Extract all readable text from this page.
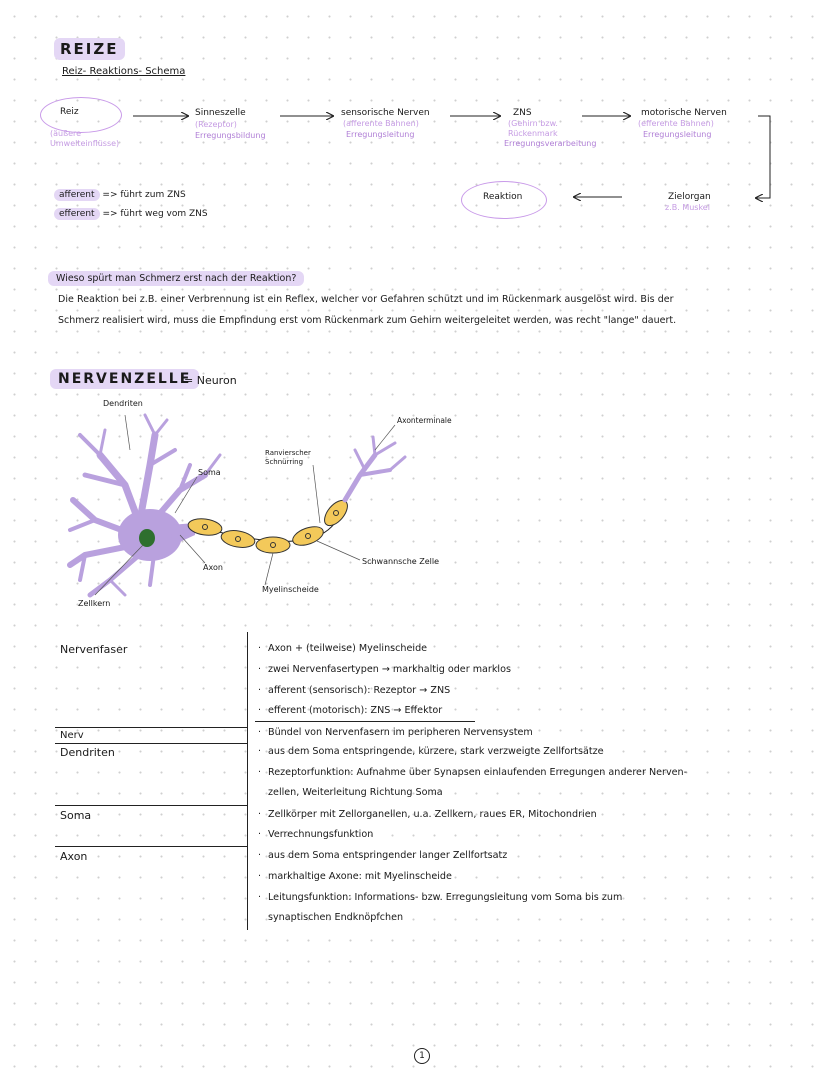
REIZE
Reiz- Reaktions- Schema
Reiz
(äußere Umwelteinflüsse)
Sinneszelle
(Rezeptor)
Erregungsbildung
sensorische Nerven
(afferente Bahnen)
Erregungsleitung
ZNS
(Gehirn bzw.
Rückenmark
Erregungsverarbeitung
motorische Nerven
(efferente Bahnen)
Erregungsleitung
Zielorgan
z.B. Muskel
Reaktion
afferent => führt zum ZNS
efferent => führt weg vom ZNS
Wieso spürt man Schmerz erst nach der Reaktion?
Die Reaktion bei z.B. einer Verbrennung ist ein Reflex, welcher vor Gefahren schützt und im Rückenmark ausgelöst wird. Bis der
Schmerz realisiert wird, muss die Empfindung erst vom Rückenmark zum Gehirn weitergeleitet werden, was recht "lange" dauert.
NERVENZELLE
= Neuron
Dendriten
Soma
Axon
Zellkern
Ranvierscher Schnürring
Myelinscheide
Schwannsche Zelle
Axonterminale
Nervenfaser
Nerv
Dendriten
Soma
Axon
· Axon + (teilweise) Myelinscheide
· zwei Nervenfasertypen → markhaltig oder marklos
· afferent (sensorisch): Rezeptor → ZNS
· efferent (motorisch): ZNS → Effektor
· Bündel von Nervenfasern im peripheren Nervensystem
· aus dem Soma entspringende, kürzere, stark verzweigte Zellfortsätze
· Rezeptorfunktion: Aufnahme über Synapsen einlaufenden Erregungen anderer Nerven-
zellen, Weiterleitung Richtung Soma
· Zellkörper mit Zellorganellen, u.a. Zellkern, raues ER, Mitochondrien
· Verrechnungsfunktion
· aus dem Soma entspringender langer Zellfortsatz
· markhaltige Axone: mit Myelinscheide
· Leitungsfunktion: Informations- bzw. Erregungsleitung vom Soma bis zum
synaptischen Endknöpfchen
1
